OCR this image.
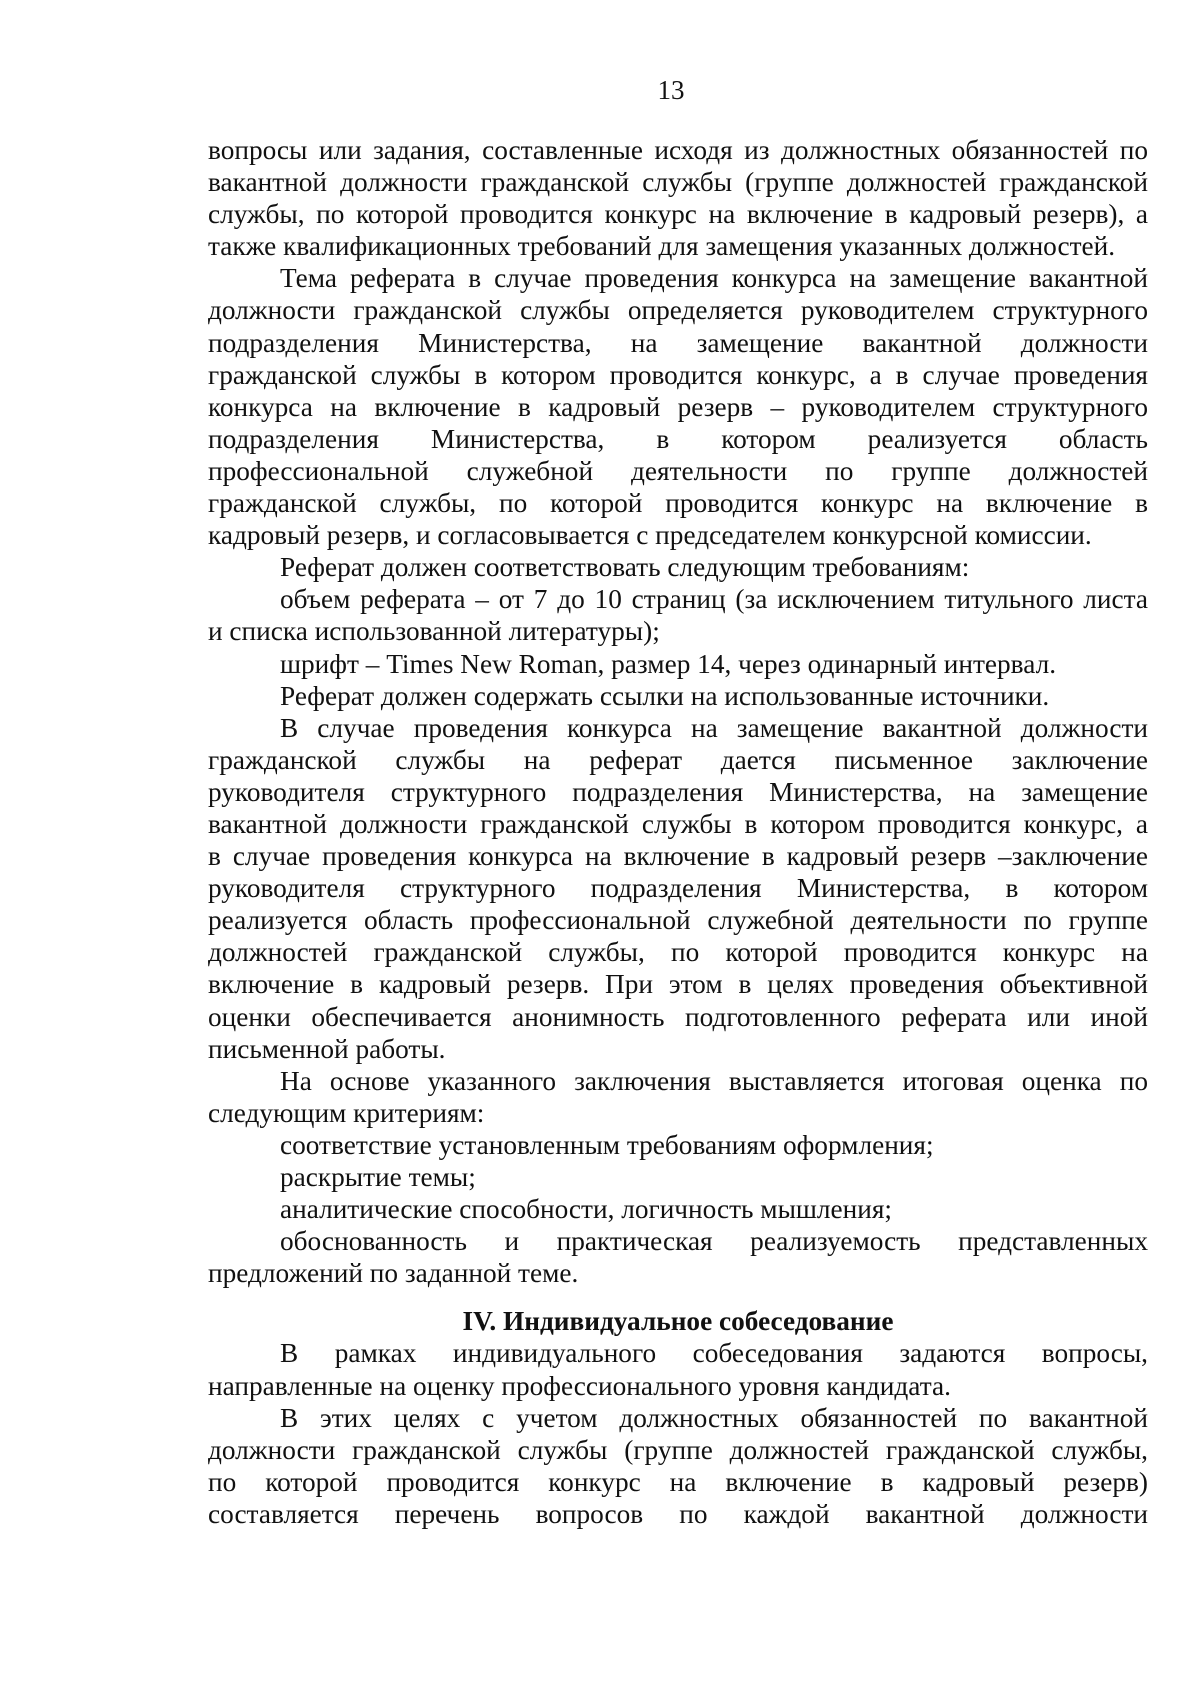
13
вопросы или задания, составленные исходя из должностных обязанностей по
вакантной должности гражданской службы (группе должностей гражданской
службы, по которой проводится конкурс на включение в кадровый резерв), а
также квалификационных требований для замещения указанных должностей.
Тема реферата в случае проведения конкурса на замещение вакантной
должности гражданской службы определяется руководителем структурного
подразделения Министерства, на замещение вакантной должности
гражданской службы в котором проводится конкурс, а в случае проведения
конкурса на включение в кадровый резерв – руководителем структурного
подразделения Министерства, в котором реализуется область
профессиональной служебной деятельности по группе должностей
гражданской службы, по которой проводится конкурс на включение в
кадровый резерв, и согласовывается с председателем конкурсной комиссии.
Реферат должен соответствовать следующим требованиям:
объем реферата – от 7 до 10 страниц (за исключением титульного листа
и списка использованной литературы);
шрифт – Times New Roman, размер 14, через одинарный интервал.
Реферат должен содержать ссылки на использованные источники.
В случае проведения конкурса на замещение вакантной должности
гражданской службы на реферат дается письменное заключение
руководителя структурного подразделения Министерства, на замещение
вакантной должности гражданской службы в котором проводится конкурс, а
в случае проведения конкурса на включение в кадровый резерв –заключение
руководителя структурного подразделения Министерства, в котором
реализуется область профессиональной служебной деятельности по группе
должностей гражданской службы, по которой проводится конкурс на
включение в кадровый резерв. При этом в целях проведения объективной
оценки обеспечивается анонимность подготовленного реферата или иной
письменной работы.
На основе указанного заключения выставляется итоговая оценка по
следующим критериям:
соответствие установленным требованиям оформления;
раскрытие темы;
аналитические способности, логичность мышления;
обоснованность и практическая реализуемость представленных
предложений по заданной теме.
IV. Индивидуальное собеседование
В рамках индивидуального собеседования задаются вопросы,
направленные на оценку профессионального уровня кандидата.
В этих целях с учетом должностных обязанностей по вакантной
должности гражданской службы (группе должностей гражданской службы,
по которой проводится конкурс на включение в кадровый резерв)
составляется перечень вопросов по каждой вакантной должности
